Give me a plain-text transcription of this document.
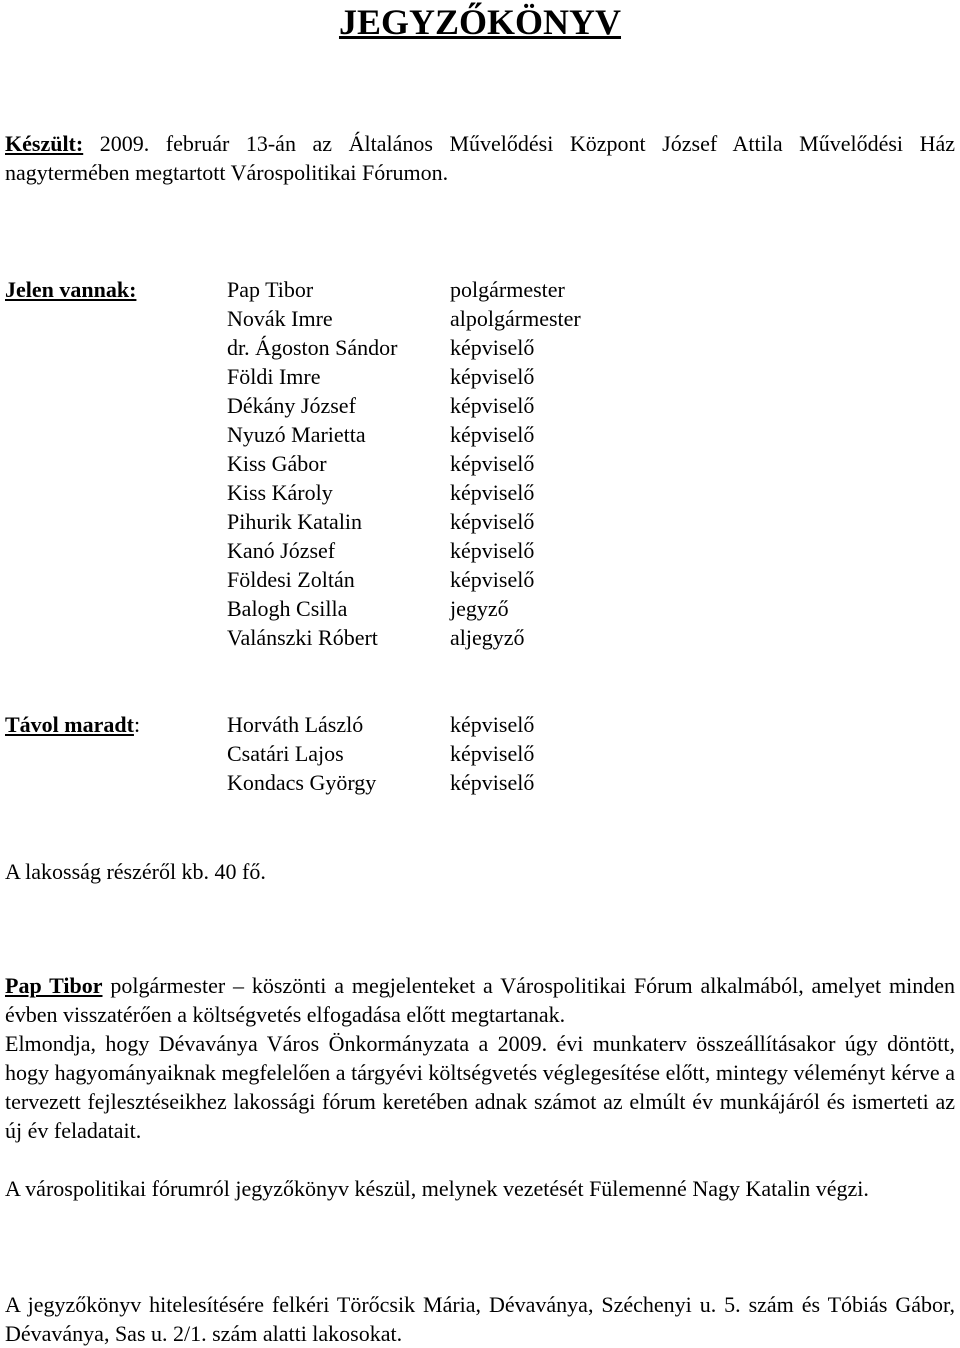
JEGYZŐKÖNYV
Készült: 2009. február 13-án az Általános Művelődési Központ József Attila Művelődési Ház nagytermében megtartott Várospolitikai Fórumon.
Jelen vannak:	Pap Tibor	polgármester
Novák Imre	alpolgármester
dr. Ágoston Sándor képviselő
Földi Imre	képviselő
Dékány József	képviselő
Nyuzó Marietta	képviselő
Kiss Gábor	képviselő
Kiss Károly	képviselő
Pihurik Katalin	képviselő
Kanó József	képviselő
Földesi Zoltán	képviselő
Balogh Csilla	jegyző
Valánszki Róbert	aljegyző
Távol maradt:	Horváth László	képviselő
Csatári Lajos	képviselő
Kondacs György	képviselő
A lakosság részéről kb. 40 fő.
Pap Tibor polgármester – köszönti a megjelenteket a Várospolitikai Fórum alkalmából, amelyet minden évben visszatérően a költségvetés elfogadása előtt megtartanak.
Elmondja, hogy Dévaványa Város Önkormányzata a 2009. évi munkaterv összeállításakor úgy döntött, hogy hagyományaiknak megfelelően a tárgyévi költségvetés véglegesítése előtt, mintegy véleményt kérve a tervezett fejlesztéseikhez lakossági fórum keretében adnak számot az elmúlt év munkájáról és ismerteti az új év feladatait.
A várospolitikai fórumról jegyzőkönyv készül, melynek vezetését Fülemenné Nagy Katalin végzi.
A jegyzőkönyv hitelesítésére felkéri Törőcsik Mária, Dévaványa, Széchenyi u. 5. szám és Tóbiás Gábor, Dévaványa, Sas u. 2/1. szám alatti lakosokat.
